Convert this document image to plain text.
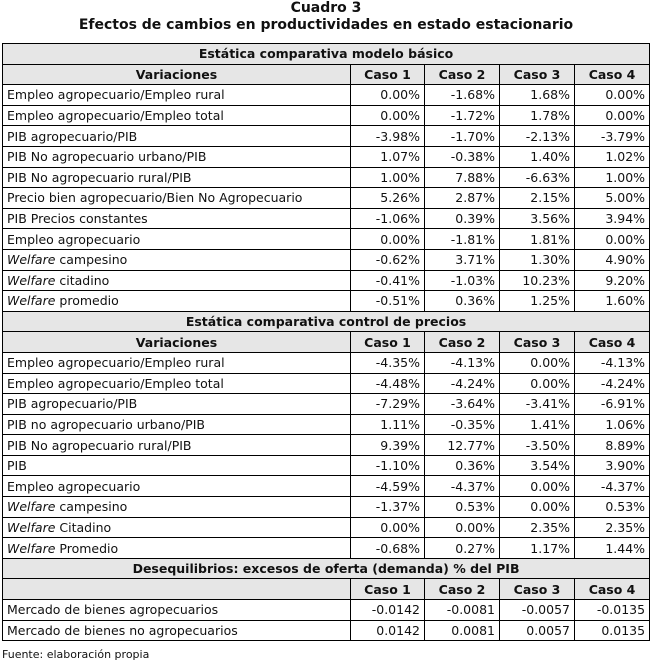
Cuadro 3
Efectos de cambios en productividades en estado estacionario
Estática comparativa modelo básico				
Variaciones	Caso 1	Caso 2	Caso 3	Caso 4
Empleo agropecuario/Empleo rural	0.00%	-1.68%	1.68%	0.00%
Empleo agropecuario/Empleo total	0.00%	-1.72%	1.78%	0.00%
PIB agropecuario/PIB	-3.98%	-1.70%	-2.13%	-3.79%
PIB No agropecuario urbano/PIB	1.07%	-0.38%	1.40%	1.02%
PIB No agropecuario rural/PIB	1.00%	7.88%	-6.63%	1.00%
Precio bien agropecuario/Bien No Agropecuario	5.26%	2.87%	2.15%	5.00%
PIB Precios constantes	-1.06%	0.39%	3.56%	3.94%
Empleo agropecuario	0.00%	-1.81%	1.81%	0.00%
Welfare campesino	-0.62%	3.71%	1.30%	4.90%
Welfare citadino	-0.41%	-1.03%	10.23%	9.20%
Welfare promedio	-0.51%	0.36%	1.25%	1.60%
Estática comparativa control de precios				
Variaciones	Caso 1	Caso 2	Caso 3	Caso 4
Empleo agropecuario/Empleo rural	-4.35%	-4.13%	0.00%	-4.13%
Empleo agropecuario/Empleo total	-4.48%	-4.24%	0.00%	-4.24%
PIB agropecuario/PIB	-7.29%	-3.64%	-3.41%	-6.91%
PIB no agropecuario urbano/PIB	1.11%	-0.35%	1.41%	1.06%
PIB No agropecuario rural/PIB	9.39%	12.77%	-3.50%	8.89%
PIB	-1.10%	0.36%	3.54%	3.90%
Empleo agropecuario	-4.59%	-4.37%	0.00%	-4.37%
Welfare campesino	-1.37%	0.53%	0.00%	0.53%
Welfare Citadino	0.00%	0.00%	2.35%	2.35%
Welfare Promedio	-0.68%	0.27%	1.17%	1.44%
Desequilibrios: excesos de oferta (demanda) % del PIB				
	Caso 1	Caso 2	Caso 3	Caso 4
Mercado de bienes agropecuarios	-0.0142	-0.0081	-0.0057	-0.0135
Mercado de bienes no agropecuarios	0.0142	0.0081	0.0057	0.0135
Fuente: elaboración propia
